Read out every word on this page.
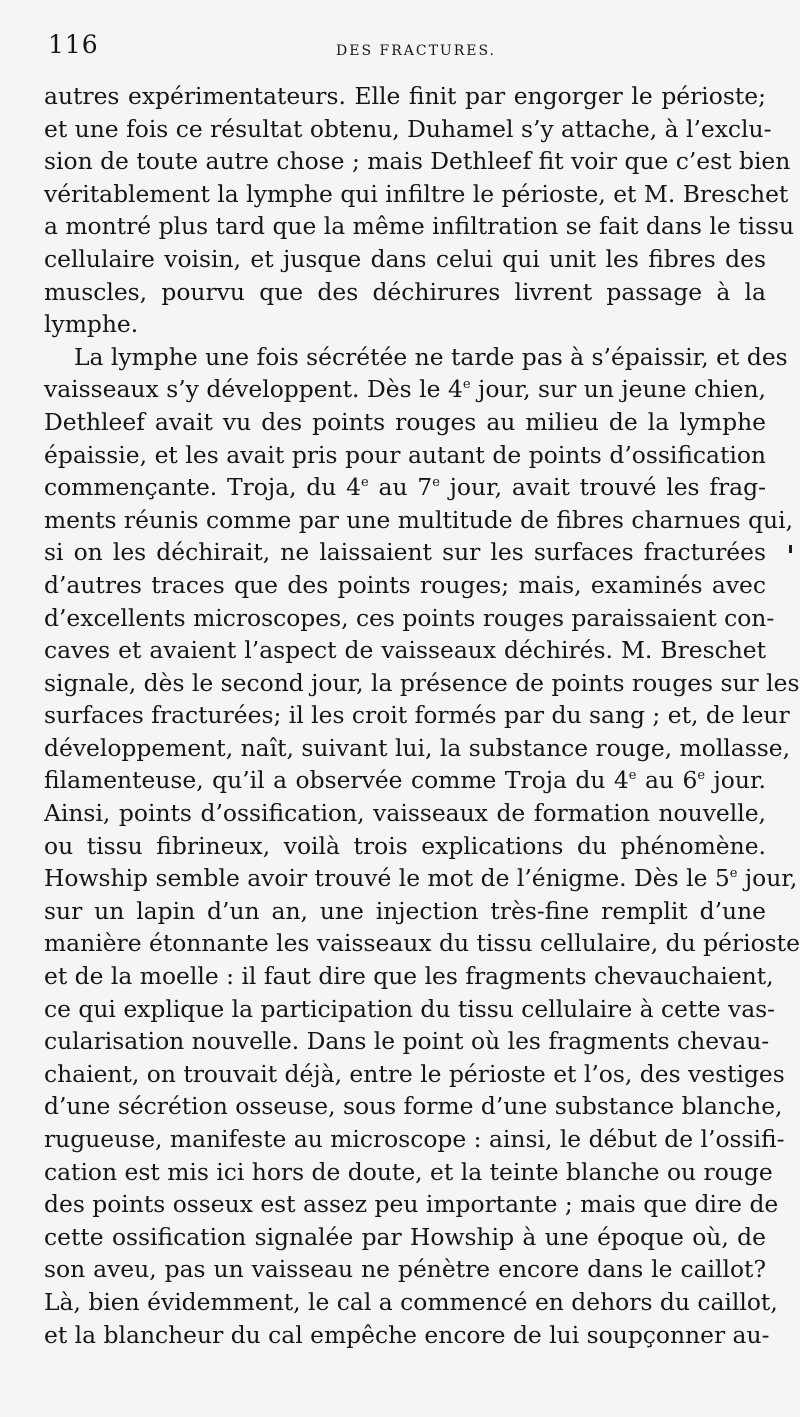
116	DES FRACTURES.
autres expérimentateurs. Elle finit par engorger le périoste;
et une fois ce résultat obtenu, Duhamel s’y attache, à l’exclu-
sion de toute autre chose ; mais Dethleef fit voir que c’est bien
véritablement la lymphe qui infiltre le périoste, et M. Breschet
a montré plus tard que la même infiltration se fait dans le tissu
cellulaire voisin, et jusque dans celui qui unit les fibres des
muscles, pourvu que des déchirures livrent passage à la
lymphe.
La lymphe une fois sécrétée ne tarde pas à s’épaissir, et des
vaisseaux s’y développent. Dès le 4e jour, sur un jeune chien,
Dethleef avait vu des points rouges au milieu de la lymphe
épaissie, et les avait pris pour autant de points d’ossification
commençante. Troja, du 4e au 7e jour, avait trouvé les frag-
ments réunis comme par une multitude de fibres charnues qui,
si on les déchirait, ne laissaient sur les surfaces fracturées
d’autres traces que des points rouges; mais, examinés avec
d’excellents microscopes, ces points rouges paraissaient con-
caves et avaient l’aspect de vaisseaux déchirés. M. Breschet
signale, dès le second jour, la présence de points rouges sur les
surfaces fracturées; il les croit formés par du sang ; et, de leur
développement, naît, suivant lui, la substance rouge, mollasse,
filamenteuse, qu’il a observée comme Troja du 4e au 6e jour.
Ainsi, points d’ossification, vaisseaux de formation nouvelle,
ou tissu fibrineux, voilà trois explications du phénomène.
Howship semble avoir trouvé le mot de l’énigme. Dès le 5e jour,
sur un lapin d’un an, une injection très-fine remplit d’une
manière étonnante les vaisseaux du tissu cellulaire, du périoste
et de la moelle : il faut dire que les fragments chevauchaient,
ce qui explique la participation du tissu cellulaire à cette vas-
cularisation nouvelle. Dans le point où les fragments chevau-
chaient, on trouvait déjà, entre le périoste et l’os, des vestiges
d’une sécrétion osseuse, sous forme d’une substance blanche,
rugueuse, manifeste au microscope : ainsi, le début de l’ossifi-
cation est mis ici hors de doute, et la teinte blanche ou rouge
des points osseux est assez peu importante ; mais que dire de
cette ossification signalée par Howship à une époque où, de
son aveu, pas un vaisseau ne pénètre encore dans le caillot?
Là, bien évidemment, le cal a commencé en dehors du caillot,
et la blancheur du cal empêche encore de lui soupçonner au-
